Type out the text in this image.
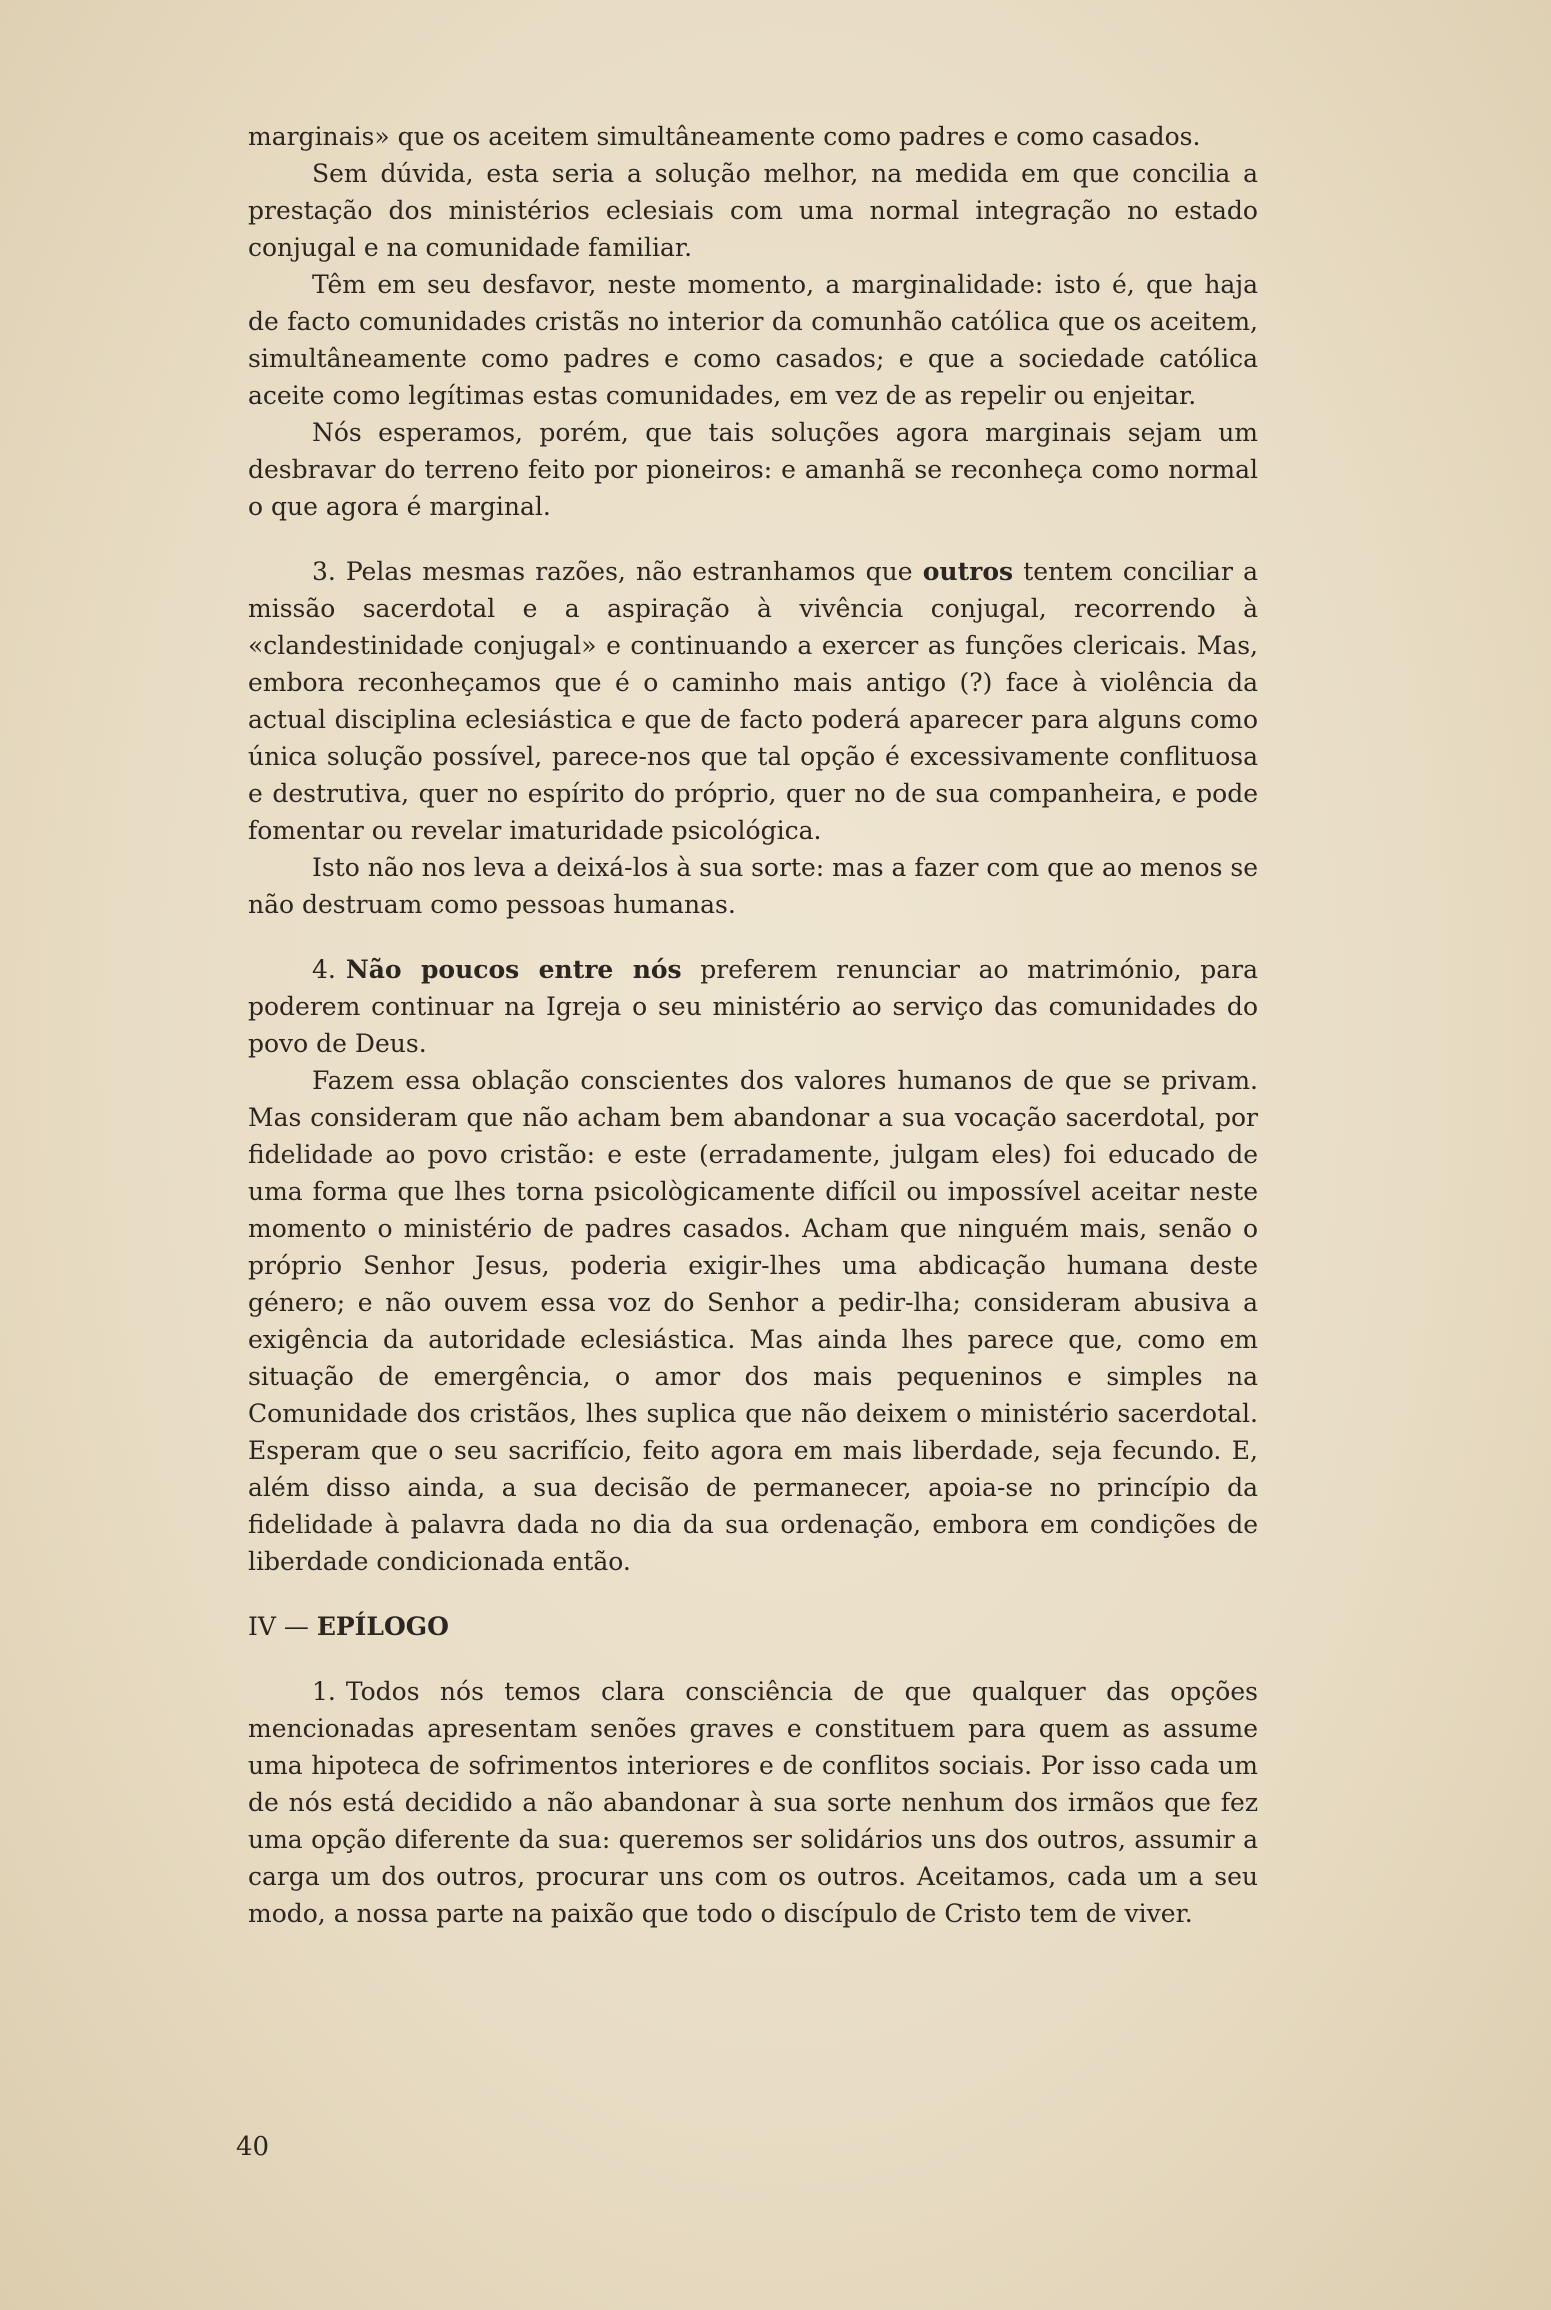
marginais» que os aceitem simultâneamente como padres e como casados.

Sem dúvida, esta seria a solução melhor, na medida em que concilia a prestação dos ministérios eclesiais com uma normal integração no estado conjugal e na comunidade familiar.

Têm em seu desfavor, neste momento, a marginalidade: isto é, que haja de facto comunidades cristãs no interior da comunhão católica que os aceitem, simultâneamente como padres e como casados; e que a sociedade católica aceite como legítimas estas comunidades, em vez de as repelir ou enjeitar.

Nós esperamos, porém, que tais soluções agora marginais sejam um desbravar do terreno feito por pioneiros: e amanhã se reconheça como normal o que agora é marginal.

3. Pelas mesmas razões, não estranhamos que outros tentem conciliar a missão sacerdotal e a aspiração à vivência conjugal, recorrendo à «clandestinidade conjugal» e continuando a exercer as funções clericais. Mas, embora reconheçamos que é o caminho mais antigo (?) face à violência da actual disciplina eclesiástica e que de facto poderá aparecer para alguns como única solução possível, parece-nos que tal opção é excessivamente conflituosa e destrutiva, quer no espírito do próprio, quer no de sua companheira, e pode fomentar ou revelar imaturidade psicológica.

Isto não nos leva a deixá-los à sua sorte: mas a fazer com que ao menos se não destruam como pessoas humanas.

4. Não poucos entre nós preferem renunciar ao matrimónio, para poderem continuar na Igreja o seu ministério ao serviço das comunidades do povo de Deus.

Fazem essa oblação conscientes dos valores humanos de que se privam. Mas consideram que não acham bem abandonar a sua vocação sacerdotal, por fidelidade ao povo cristão: e este (erradamente, julgam eles) foi educado de uma forma que lhes torna psicològicamente difícil ou impossível aceitar neste momento o ministério de padres casados. Acham que ninguém mais, senão o próprio Senhor Jesus, poderia exigir-lhes uma abdicação humana deste género; e não ouvem essa voz do Senhor a pedir-lha; consideram abusiva a exigência da autoridade eclesiástica. Mas ainda lhes parece que, como em situação de emergência, o amor dos mais pequeninos e simples na Comunidade dos cristãos, lhes suplica que não deixem o ministério sacerdotal. Esperam que o seu sacrifício, feito agora em mais liberdade, seja fecundo. E, além disso ainda, a sua decisão de permanecer, apoia-se no princípio da fidelidade à palavra dada no dia da sua ordenação, embora em condições de liberdade condicionada então.

IV — EPÍLOGO

1. Todos nós temos clara consciência de que qualquer das opções mencionadas apresentam senões graves e constituem para quem as assume uma hipoteca de sofrimentos interiores e de conflitos sociais. Por isso cada um de nós está decidido a não abandonar à sua sorte nenhum dos irmãos que fez uma opção diferente da sua: queremos ser solidários uns dos outros, assumir a carga um dos outros, procurar uns com os outros. Aceitamos, cada um a seu modo, a nossa parte na paixão que todo o discípulo de Cristo tem de viver.

40
